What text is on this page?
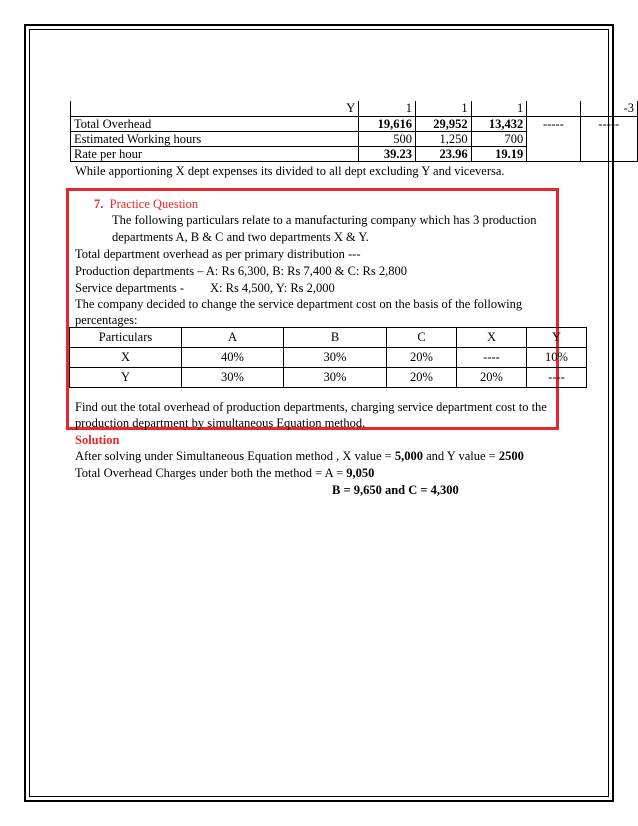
	Y	1	1	1		-3
Total Overhead		19,616	29,952	13,432	-----	-----
Estimated Working hours		500	1,250	700		
Rate per hour		39.23	23.96	19.19		
While apportioning X dept expenses its divided to all dept excluding Y and viceversa.
7. Practice Question
The following particulars relate to a manufacturing company which has 3 production
departments A, B & C and two departments X & Y.
Total department overhead as per primary distribution ---
Production departments – A: Rs 6,300, B: Rs 7,400 & C: Rs 2,800
Service departments - X: Rs 4,500, Y: Rs 2,000
The company decided to change the service department cost on the basis of the following
percentages:
Particulars	A	B	C	X	Y
X	40%	30%	20%	----	10%
Y	30%	30%	20%	20%	----
Find out the total overhead of production departments, charging service department cost to the
production department by simultaneous Equation method.
Solution
After solving under Simultaneous Equation method , X value = 5,000 and Y value = 2500
Total Overhead Charges under both the method = A = 9,050
B = 9,650 and C = 4,300
